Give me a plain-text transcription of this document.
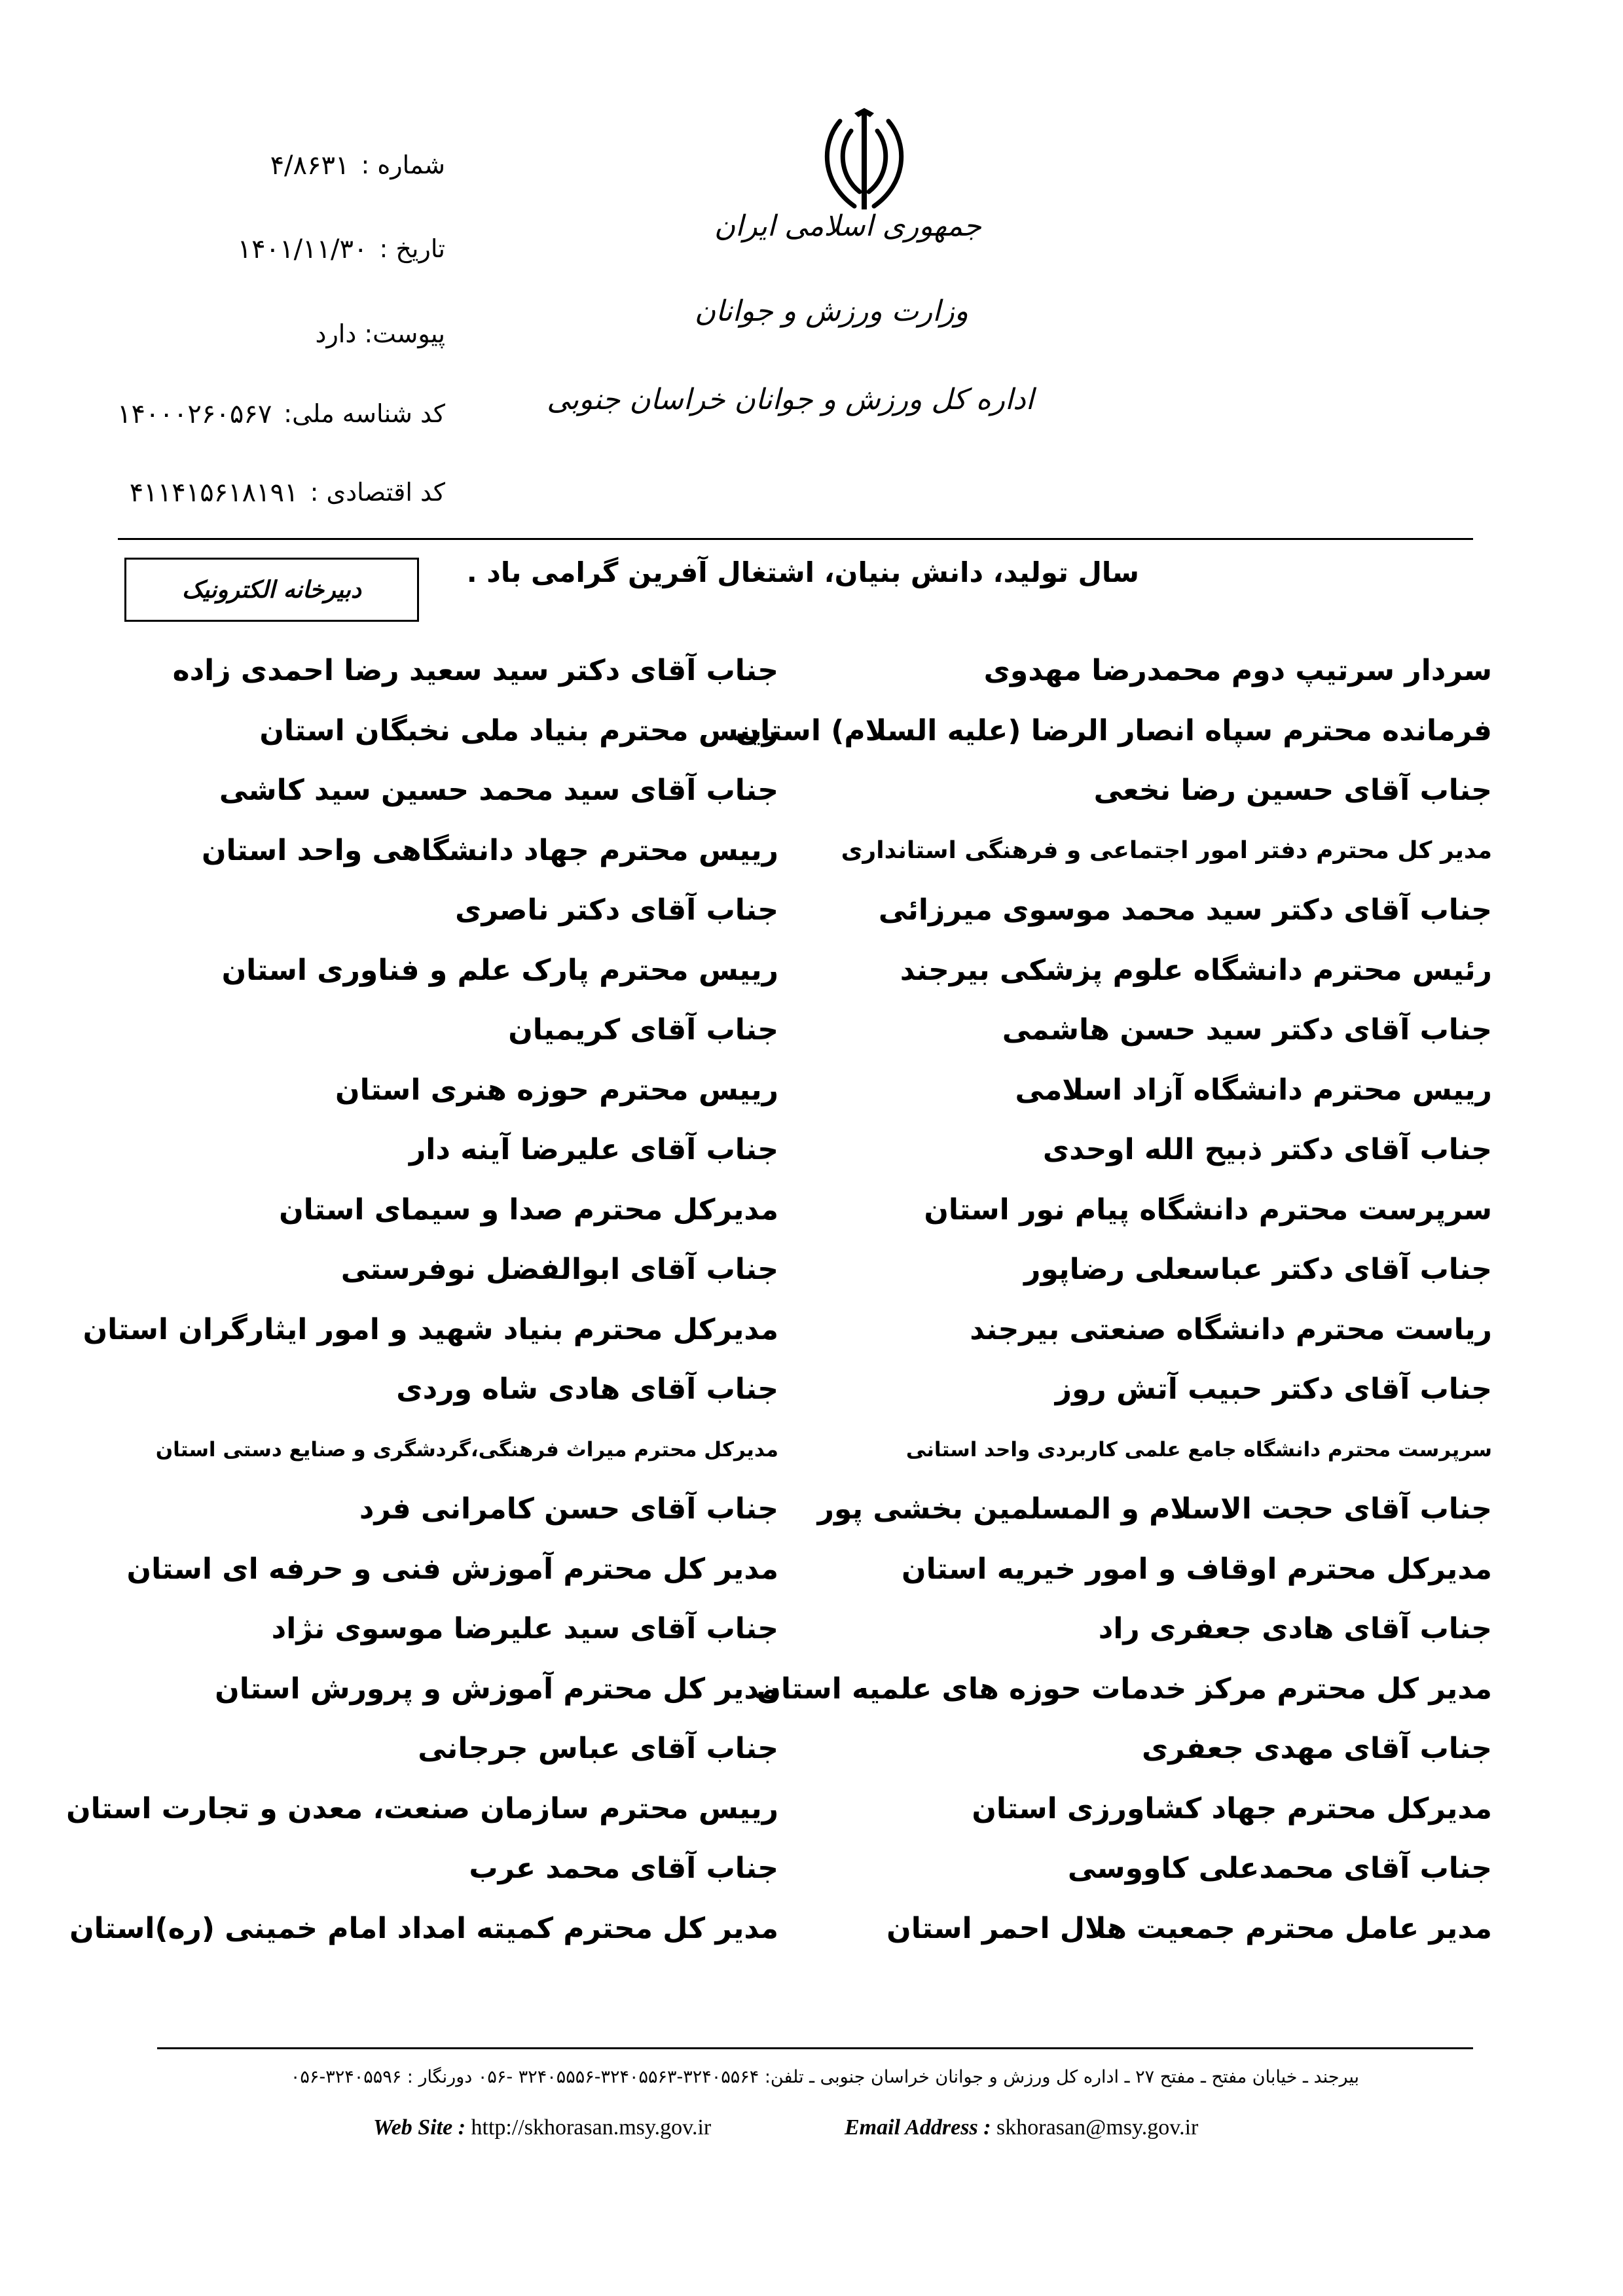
جمهوری اسلامی ایران
وزارت ورزش و جوانان
اداره کل ورزش و جوانان خراسان جنوبی
شماره :
۴/۸۶۳۱
تاریخ :
۱۴۰۱/۱۱/۳۰
پیوست: دارد
کد شناسه ملی:
۱۴۰۰۰۲۶۰۵۶۷
کد اقتصادی :
۴۱۱۴۱۵۶۱۸۱۹۱
سال تولید، دانش بنیان، اشتغال آفرین گرامی باد .
دبیرخانه الکترونیک
سردار سرتیپ دوم محمدرضا مهدوی
فرمانده محترم سپاه انصار الرضا (علیه السلام) استان
جناب آقای حسین رضا نخعی
مدیر کل محترم دفتر امور اجتماعی و فرهنگی استانداری
جناب آقای دکتر سید محمد موسوی میرزائی
رئیس محترم دانشگاه علوم پزشکی بیرجند
جناب آقای دکتر سید حسن هاشمی
رییس محترم دانشگاه آزاد اسلامی
جناب آقای دکتر ذبیح الله اوحدی
سرپرست محترم دانشگاه پیام نور استان
جناب آقای دکتر عباسعلی رضاپور
ریاست محترم دانشگاه صنعتی بیرجند
جناب آقای دکتر حبیب آتش روز
سرپرست محترم دانشگاه جامع علمی کاربردی واحد استانی
جناب آقای حجت الاسلام و المسلمین بخشی پور
مدیرکل محترم اوقاف و امور خیریه استان
جناب آقای هادی جعفری راد
مدیر کل محترم مرکز خدمات حوزه های علمیه استان
جناب آقای مهدی جعفری
مدیرکل محترم جهاد کشاورزی استان
جناب آقای محمدعلی کاووسی
مدیر عامل محترم جمعیت هلال احمر استان
جناب آقای دکتر سید سعید رضا احمدی زاده
رییس محترم بنیاد ملی نخبگان استان
جناب آقای سید محمد حسین سید کاشی
رییس محترم جهاد دانشگاهی واحد استان
جناب آقای دکتر ناصری
رییس محترم پارک علم و فناوری استان
جناب آقای کریمیان
رییس محترم حوزه هنری استان
جناب آقای علیرضا آینه دار
مدیرکل محترم صدا و سیمای استان
جناب آقای ابوالفضل نوفرستی
مدیرکل محترم بنیاد شهید و امور ایثارگران استان
جناب آقای هادی شاه وردی
مدیرکل محترم میراث فرهنگی،گردشگری و صنایع دستی استان
جناب آقای حسن کامرانی فرد
مدیر کل محترم آموزش فنی و حرفه ای استان
جناب آقای سید علیرضا موسوی نژاد
مدیر کل محترم آموزش و پرورش استان
جناب آقای عباس جرجانی
رییس محترم سازمان صنعت، معدن و تجارت استان
جناب آقای محمد عرب
مدیر کل محترم کمیته امداد امام خمینی (ره)استان
بیرجند ـ خیابان مفتح ـ مفتح ۲۷ ـ اداره کل ورزش و جوانان خراسان جنوبی ـ تلفن: ۳۲۴۰۵۵۶۴-۳۲۴۰۵۵۶۳-۳۲۴۰۵۵۵۶ -۰۵۶ دورنگار : ۳۲۴۰۵۵۹۶-۰۵۶
Web Site : http://skhorasan.msy.gov.ir	Email Address : skhorasan@msy.gov.ir
